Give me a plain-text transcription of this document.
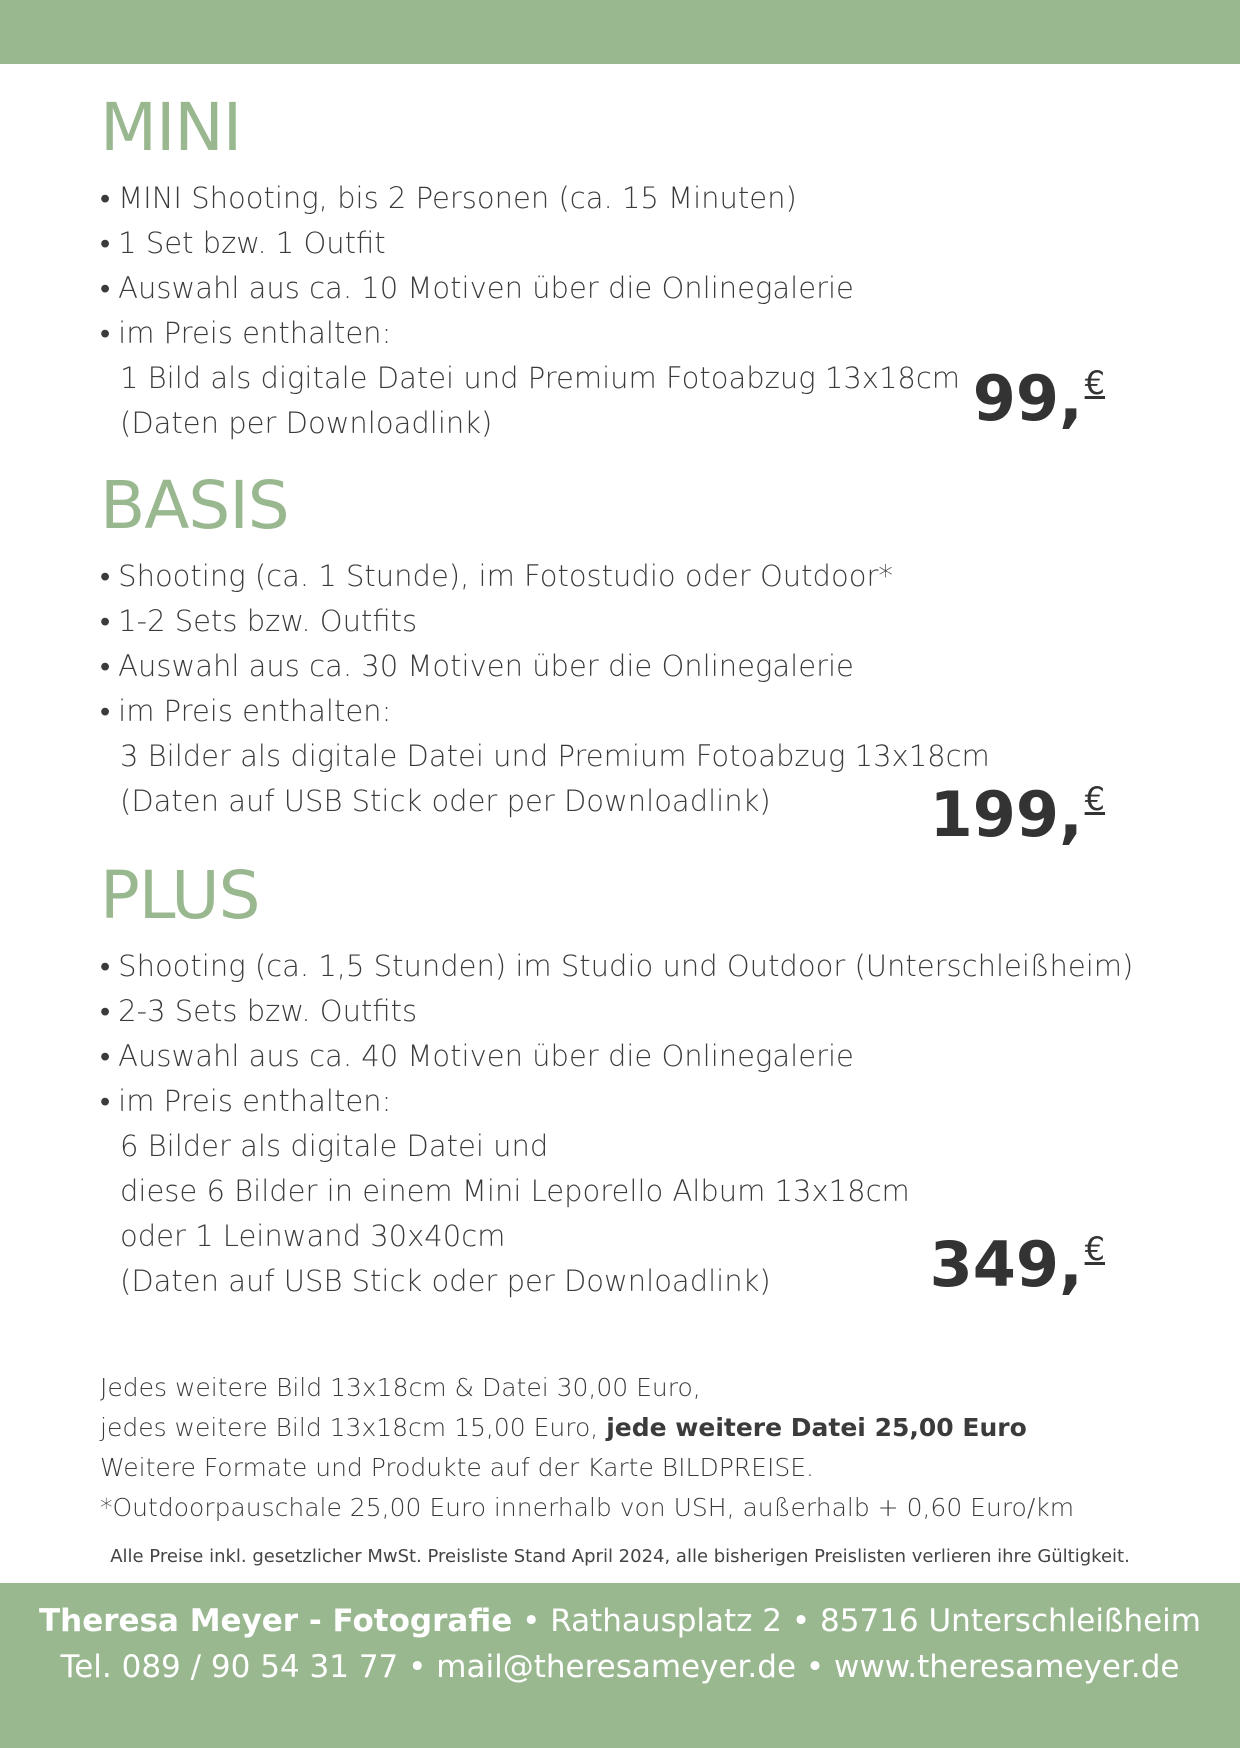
MINI
• MINI Shooting, bis 2 Personen (ca. 15 Minuten)
• 1 Set bzw. 1 Outfit
• Auswahl aus ca. 10 Motiven über die Onlinegalerie
• im Preis enthalten:
1 Bild als digitale Datei und Premium Fotoabzug 13x18cm
(Daten per Downloadlink)	99,€
BASIS
• Shooting (ca. 1 Stunde), im Fotostudio oder Outdoor*
• 1-2 Sets bzw. Outfits
• Auswahl aus ca. 30 Motiven über die Onlinegalerie
• im Preis enthalten:
3 Bilder als digitale Datei und Premium Fotoabzug 13x18cm
(Daten auf USB Stick oder per Downloadlink)	199,€
PLUS
• Shooting (ca. 1,5 Stunden) im Studio und Outdoor (Unterschleißheim)
• 2-3 Sets bzw. Outfits
• Auswahl aus ca. 40 Motiven über die Onlinegalerie
• im Preis enthalten:
6 Bilder als digitale Datei und
diese 6 Bilder in einem Mini Leporello Album 13x18cm
oder 1 Leinwand 30x40cm
(Daten auf USB Stick oder per Downloadlink)	349,€
Jedes weitere Bild 13x18cm & Datei 30,00 Euro,
jedes weitere Bild 13x18cm 15,00 Euro, jede weitere Datei 25,00 Euro
Weitere Formate und Produkte auf der Karte BILDPREISE.
*Outdoorpauschale 25,00 Euro innerhalb von USH, außerhalb + 0,60 Euro/km
Alle Preise inkl. gesetzlicher MwSt. Preisliste Stand April 2024, alle bisherigen Preislisten verlieren ihre Gültigkeit.
Theresa Meyer - Fotografie • Rathausplatz 2 • 85716 Unterschleißheim
Tel. 089 / 90 54 31 77 • mail@theresameyer.de • www.theresameyer.de
